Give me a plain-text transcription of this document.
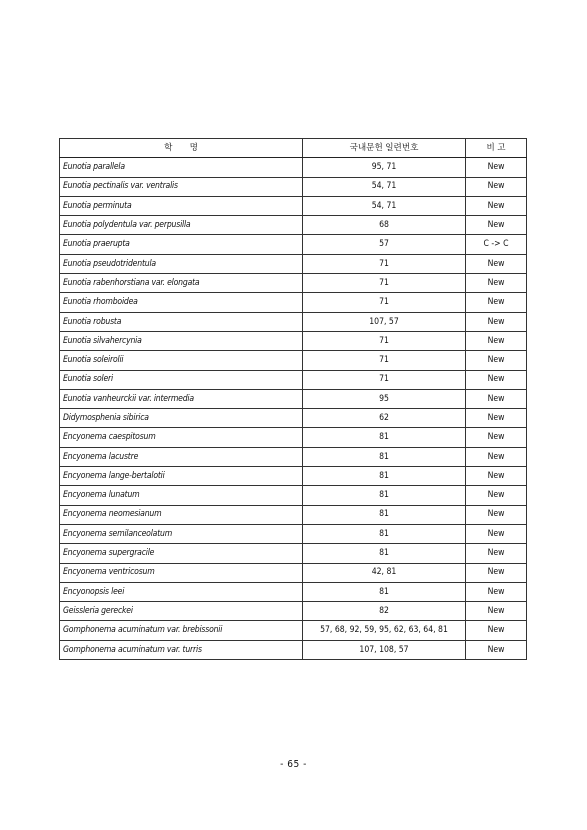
학　　명	국내문헌 일련번호	비 고
Eunotia parallela	95, 71	New
Eunotia pectinalis var. ventralis	54, 71	New
Eunotia perminuta	54, 71	New
Eunotia polydentula var. perpusilla	68	New
Eunotia praerupta	57	C -> C
Eunotia pseudotridentula	71	New
Eunotia rabenhorstiana var. elongata	71	New
Eunotia rhomboidea	71	New
Eunotia robusta	107, 57	New
Eunotia silvahercynia	71	New
Eunotia soleirolii	71	New
Eunotia soleri	71	New
Eunotia vanheurckii var. intermedia	95	New
Didymosphenia sibirica	62	New
Encyonema caespitosum	81	New
Encyonema lacustre	81	New
Encyonema lange-bertalotii	81	New
Encyonema lunatum	81	New
Encyonema neomesianum	81	New
Encyonema semilanceolatum	81	New
Encyonema supergracile	81	New
Encyonema ventricosum	42, 81	New
Encyonopsis leei	81	New
Geissleria gereckei	82	New
Gomphonema acuminatum var. brebissonii	57, 68, 92, 59, 95, 62, 63, 64, 81	New
Gomphonema acuminatum var. turris	107, 108, 57	New
- 65 -
